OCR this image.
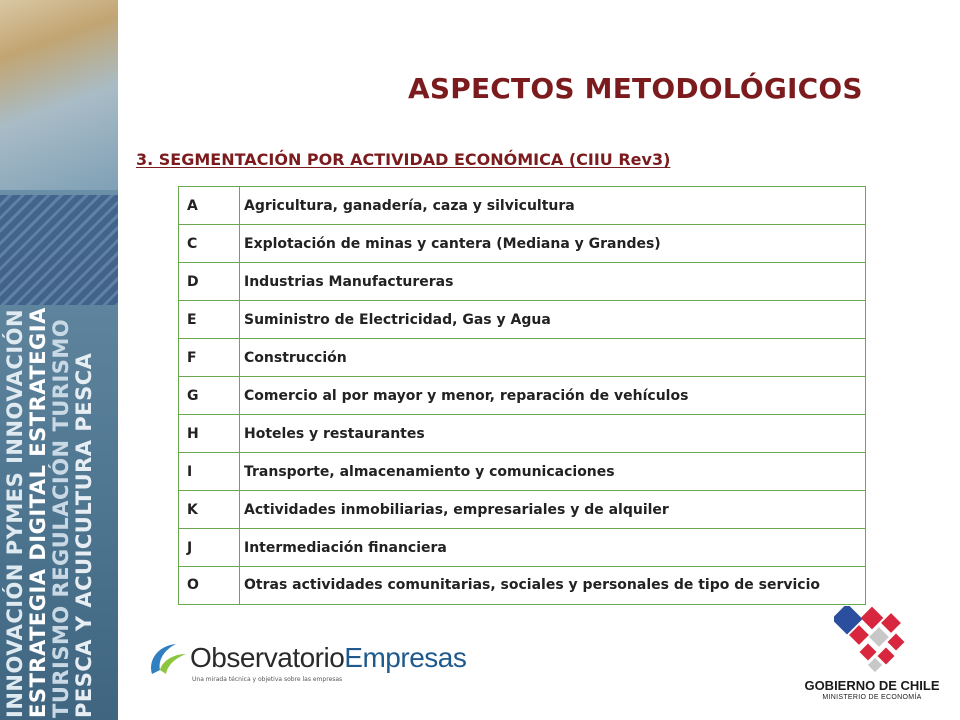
INNOVACIÓN PYMES INNOVACIÓN ESTRATEGIA DIGITAL ESTRATEGIA TURISMO REGULACIÓN TURISMO PESCA Y ACUICULTURA PESCA
ASPECTOS METODOLÓGICOS
3. SEGMENTACIÓN POR ACTIVIDAD ECONÓMICA (CIIU Rev3)
A	Agricultura, ganadería, caza y silvicultura
C	Explotación de minas y cantera (Mediana y Grandes)
D	Industrias Manufactureras
E	Suministro de Electricidad, Gas y Agua
F	Construcción
G	Comercio al por mayor y menor, reparación de vehículos
H	Hoteles y restaurantes
I	Transporte, almacenamiento y comunicaciones
K	Actividades inmobiliarias, empresariales y de alquiler
J	Intermediación financiera
O	Otras actividades comunitarias, sociales y personales de tipo de servicio
ObservatorioEmpresas
Una mirada técnica y objetiva sobre las empresas	GOBIERNO DE CHILE
MINISTERIO DE ECONOMÍA
